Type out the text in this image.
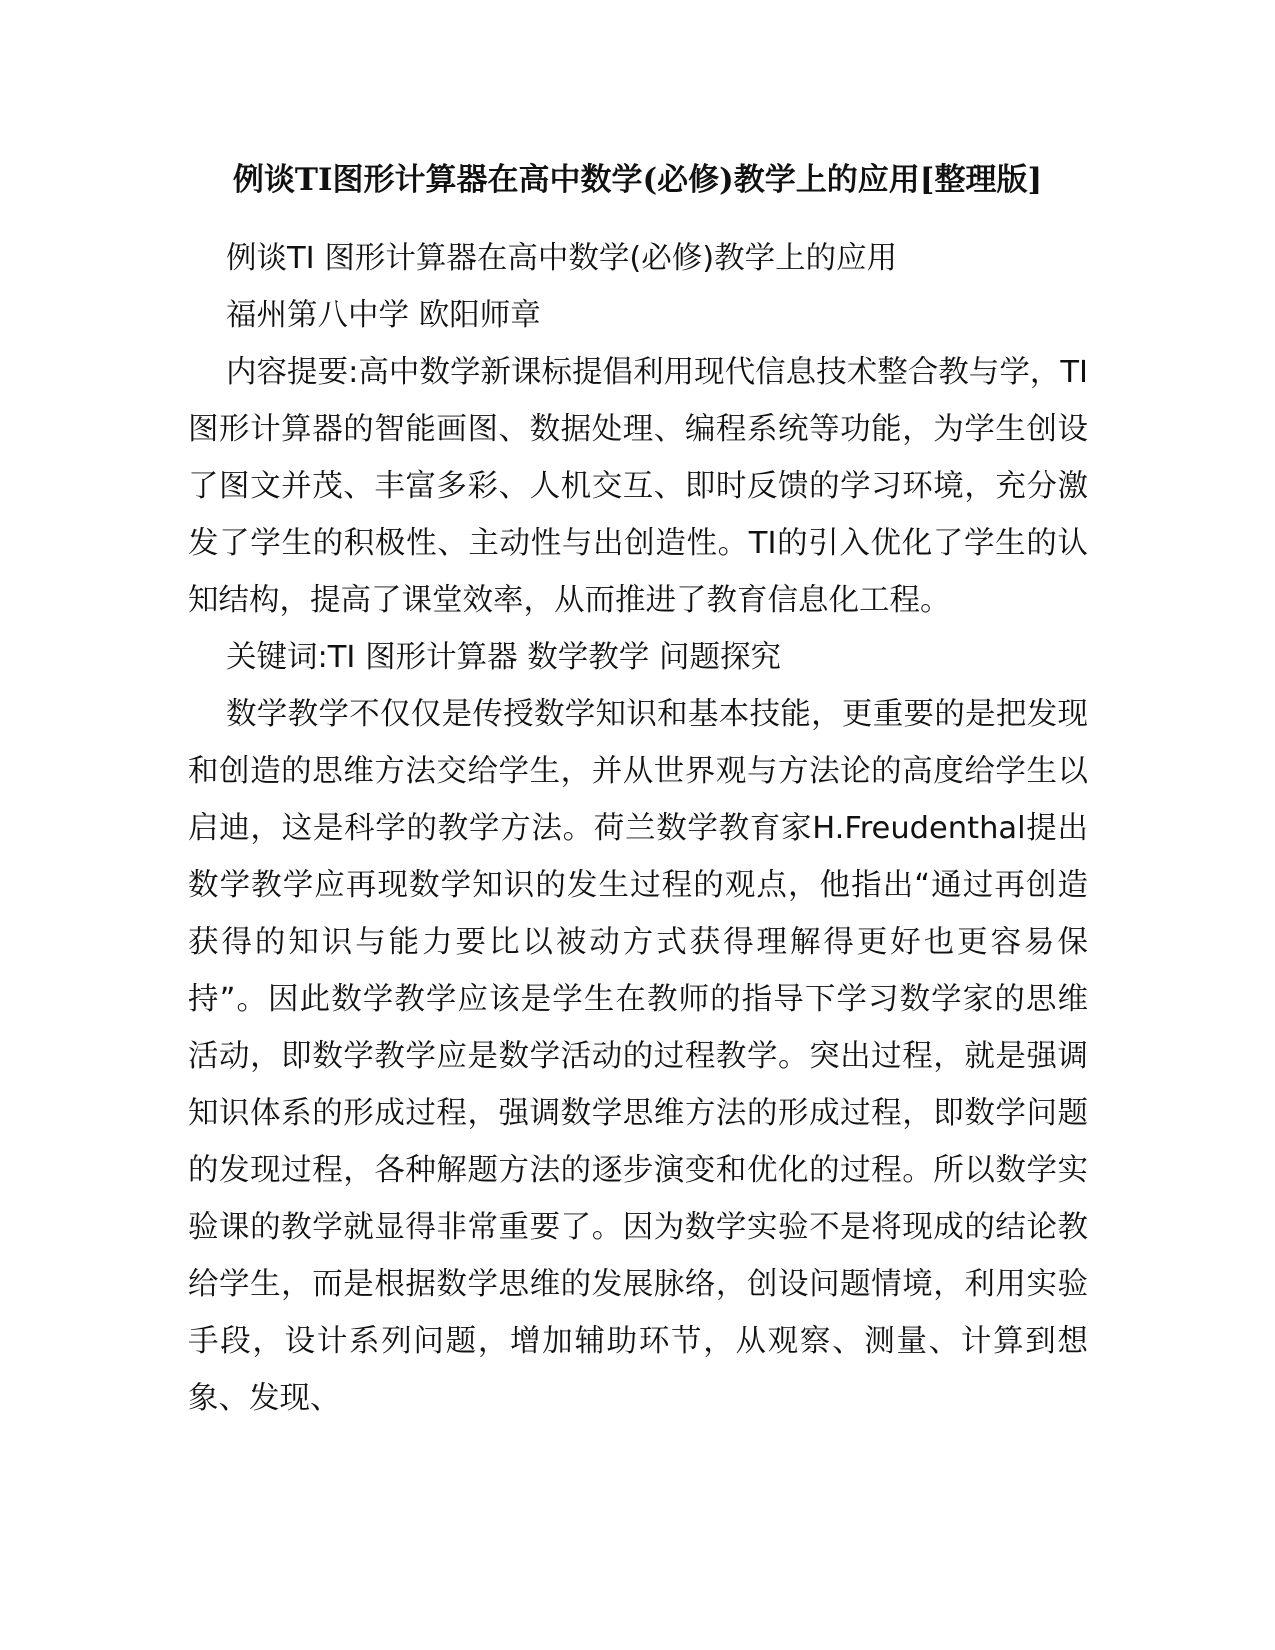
例谈TI图形计算器在高中数学(必修)教学上的应用[整理版]

例谈TI 图形计算器在高中数学(必修)教学上的应用

福州第八中学 欧阳师章

内容提要:高中数学新课标提倡利用现代信息技术整合教与学，TI图形计算器的智能画图、数据处理、编程系统等功能，为学生创设了图文并茂、丰富多彩、人机交互、即时反馈的学习环境，充分激发了学生的积极性、主动性与出创造性。TI的引入优化了学生的认知结构，提高了课堂效率，从而推进了教育信息化工程。

关键词:TI 图形计算器 数学教学 问题探究

数学教学不仅仅是传授数学知识和基本技能，更重要的是把发现和创造的思维方法交给学生，并从世界观与方法论的高度给学生以启迪，这是科学的教学方法。荷兰数学教育家H.Freudenthal提出数学教学应再现数学知识的发生过程的观点，他指出“通过再创造获得的知识与能力要比以被动方式获得理解得更好也更容易保持”。因此数学教学应该是学生在教师的指导下学习数学家的思维活动，即数学教学应是数学活动的过程教学。突出过程，就是强调知识体系的形成过程，强调数学思维方法的形成过程，即数学问题的发现过程，各种解题方法的逐步演变和优化的过程。所以数学实验课的教学就显得非常重要了。因为数学实验不是将现成的结论教给学生，而是根据数学思维的发展脉络，创设问题情境，利用实验手段，设计系列问题，增加辅助环节，从观察、测量、计算到想象、发现、
